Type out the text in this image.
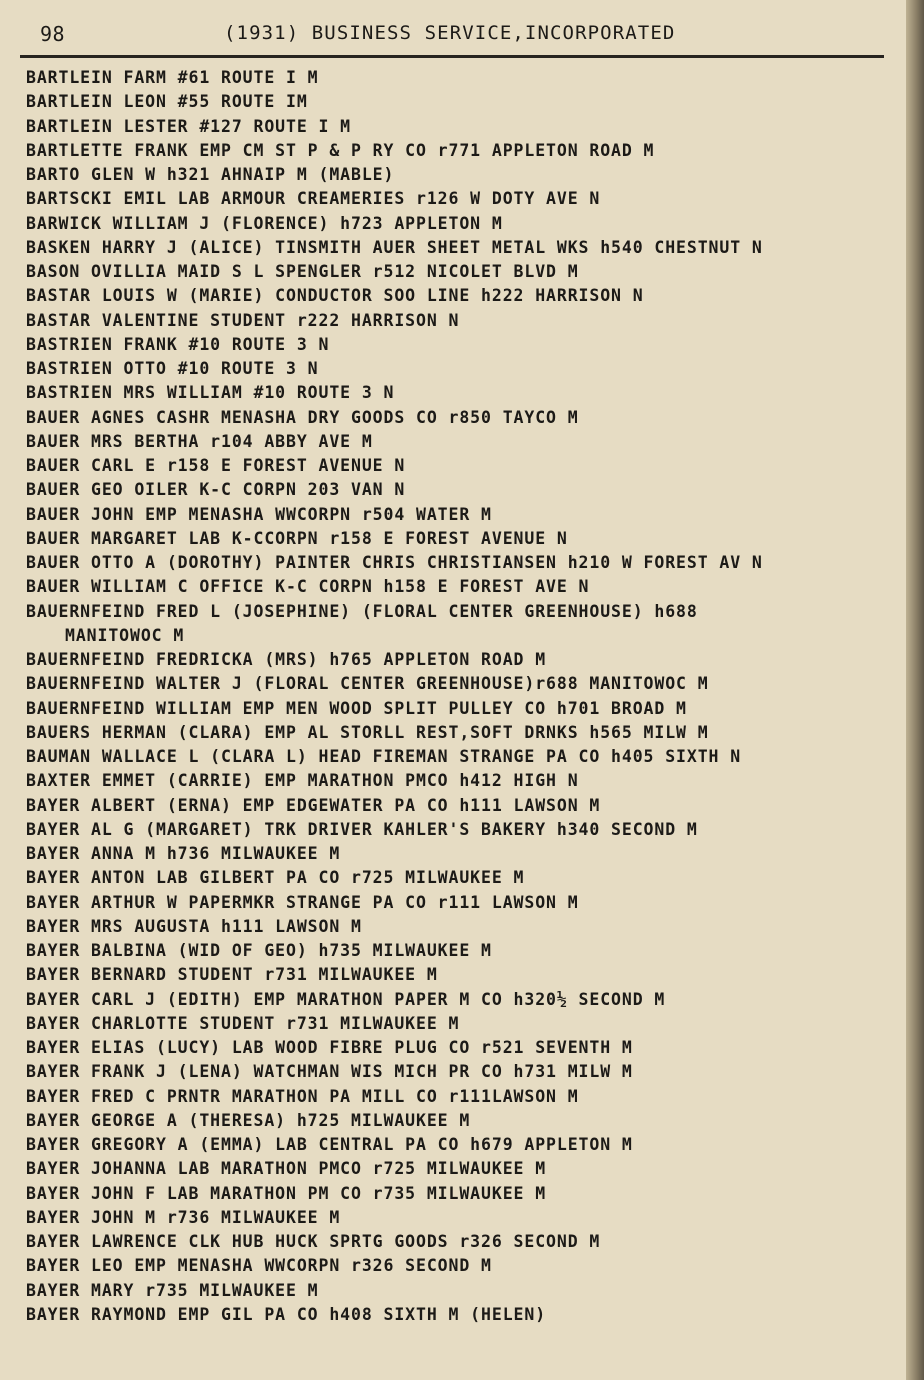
98	(1931) BUSINESS SERVICE,INCORPORATED
BARTLEIN FARM #61 ROUTE I M
BARTLEIN LEON #55 ROUTE IM
BARTLEIN LESTER #127 ROUTE I M
BARTLETTE FRANK EMP CM ST P & P RY CO r771 APPLETON ROAD M
BARTO GLEN W h321 AHNAIP M (MABLE)
BARTSCKI EMIL LAB ARMOUR CREAMERIES r126 W DOTY AVE N
BARWICK WILLIAM J (FLORENCE) h723 APPLETON M
BASKEN HARRY J (ALICE) TINSMITH AUER SHEET METAL WKS h540 CHESTNUT N
BASON OVILLIA MAID S L SPENGLER r512 NICOLET BLVD M
BASTAR LOUIS W (MARIE) CONDUCTOR SOO LINE h222 HARRISON N
BASTAR VALENTINE STUDENT r222 HARRISON N
BASTRIEN FRANK #10 ROUTE 3 N
BASTRIEN OTTO #10 ROUTE 3 N
BASTRIEN MRS WILLIAM #10 ROUTE 3 N
BAUER AGNES CASHR MENASHA DRY GOODS CO r850 TAYCO M
BAUER MRS BERTHA r104 ABBY AVE M
BAUER CARL E r158 E FOREST AVENUE N
BAUER GEO OILER K-C CORPN 203 VAN N
BAUER JOHN EMP MENASHA WWCORPN r504 WATER M
BAUER MARGARET LAB K-CCORPN r158 E FOREST AVENUE N
BAUER OTTO A (DOROTHY) PAINTER CHRIS CHRISTIANSEN h210 W FOREST AV N
BAUER WILLIAM C OFFICE K-C CORPN h158 E FOREST AVE N
BAUERNFEIND FRED L (JOSEPHINE) (FLORAL CENTER GREENHOUSE) h688
MANITOWOC M
BAUERNFEIND FREDRICKA (MRS) h765 APPLETON ROAD M
BAUERNFEIND WALTER J (FLORAL CENTER GREENHOUSE)r688 MANITOWOC M
BAUERNFEIND WILLIAM EMP MEN WOOD SPLIT PULLEY CO h701 BROAD M
BAUERS HERMAN (CLARA) EMP AL STORLL REST,SOFT DRNKS h565 MILW M
BAUMAN WALLACE L (CLARA L) HEAD FIREMAN STRANGE PA CO h405 SIXTH N
BAXTER EMMET (CARRIE) EMP MARATHON PMCO h412 HIGH N
BAYER ALBERT (ERNA) EMP EDGEWATER PA CO h111 LAWSON M
BAYER AL G (MARGARET) TRK DRIVER KAHLER'S BAKERY h340 SECOND M
BAYER ANNA M h736 MILWAUKEE M
BAYER ANTON LAB GILBERT PA CO r725 MILWAUKEE M
BAYER ARTHUR W PAPERMKR STRANGE PA CO r111 LAWSON M
BAYER MRS AUGUSTA h111 LAWSON M
BAYER BALBINA (WID OF GEO) h735 MILWAUKEE M
BAYER BERNARD STUDENT r731 MILWAUKEE M
BAYER CARL J (EDITH) EMP MARATHON PAPER M CO h320½ SECOND M
BAYER CHARLOTTE STUDENT r731 MILWAUKEE M
BAYER ELIAS (LUCY) LAB WOOD FIBRE PLUG CO r521 SEVENTH M
BAYER FRANK J (LENA) WATCHMAN WIS MICH PR CO h731 MILW M
BAYER FRED C PRNTR MARATHON PA MILL CO r111LAWSON M
BAYER GEORGE A (THERESA) h725 MILWAUKEE M
BAYER GREGORY A (EMMA) LAB CENTRAL PA CO h679 APPLETON M
BAYER JOHANNA LAB MARATHON PMCO r725 MILWAUKEE M
BAYER JOHN F LAB MARATHON PM CO r735 MILWAUKEE M
BAYER JOHN M r736 MILWAUKEE M
BAYER LAWRENCE CLK HUB HUCK SPRTG GOODS r326 SECOND M
BAYER LEO EMP MENASHA WWCORPN r326 SECOND M
BAYER MARY r735 MILWAUKEE M
BAYER RAYMOND EMP GIL PA CO h408 SIXTH M (HELEN)
